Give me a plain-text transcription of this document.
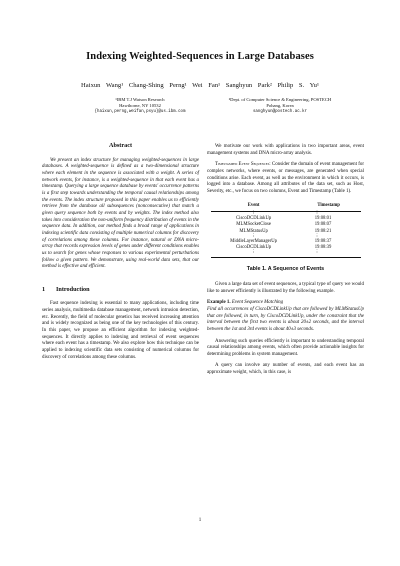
Indexing Weighted-Sequences in Large Databases
Haixun Wang¹ Chang-Shing Perng¹ Wei Fan¹ Sanghyun Park² Philip S. Yu¹
¹IBM T.J Watson Research
Hawthorne, NY 10532
{haixun,perng,weifan,psyu}@us.ibm.com
²Dept. of Computer Science & Engineering, POSTECH
Pohang, Korea
sanghyun@postech.ac.kr
Abstract

We present an index structure for managing weighted-sequences in large databases. A weighted-sequence is defined as a two-dimensional structure where each element in the sequence is associated with a weight. A series of network events, for instance, is a weighted-sequence in that each event has a timestamp. Querying a large sequence database by events' occurrence patterns is a first step towards understanding the temporal causal relationships among the events. The index structure proposed in this paper enables us to efficiently retrieve from the database all subsequences (nonconsecutive) that match a given query sequence both by events and by weights. The index method also takes into consideration the non-uniform frequency distribution of events in the sequence data. In addition, our method finds a broad range of applications in indexing scientific data consisting of multiple numerical columns for discovery of correlations among these columns. For instance, natural or DNA micro-array that records expression levels of genes under different conditions enables us to search for genes whose responses to various experimental perturbations follow a given pattern. We demonstrate, using real-world data sets, that our method is effective and efficient.

1 Introduction

Fast sequence indexing is essential to many applications, including time series analysis, multimedia database management, network intrusion detection, etc. Recently, the field of molecular genetics has received increasing attention and is widely recognized as being one of the key technologies of this century. In this paper, we propose an efficient algorithm for indexing weighted-sequences. It directly applies to indexing and retrieval of event sequences where each event has a timestamp. We also explore how this technique can be applied to indexing scientific data sets consisting of numerical columns for discovery of correlations among these columns.

We motivate our work with applications in two important areas, event management systems and DNA micro-array analysis.

Timestamped Event Sequences: Consider the domain of event management for complex networks, where events, or messages, are generated when special conditions arise. Each event, as well as the environment in which it occurs, is logged into a database. Among all attributes of the data set, such as Host, Severity, etc., we focus on two columns, Event and Timestamp (Table 1).

Event	Timestamp
⋮	⋮
CiscoDCDLinkUp	19:08:01
MLMSocketClose	19:08:07
MLMStatusUp	19:08:21
⋮	⋮
MiddleLayerManagerUp	19:08:37
CiscoDCDLinkUp	19:08:39
⋮	⋮
Table 1. A Sequence of Events

Given a large data set of event sequences, a typical type of query we would like to answer efficiently is illustrated by the following example.

Example 1. Event Sequence Matching
Find all occurrences of CiscoDCDLinkUp that are followed by MLMStatusUp that are followed, in turn, by CiscoDCDLinkUp, under the constraint that the interval between the first two events is about 20±2 seconds, and the interval between the 1st and 3rd events is about 40±3 seconds.

Answering such queries efficiently is important to understanding temporal causal relationships among events, which often provide actionable insights for determining problems in system management.

A query can involve any number of events, and each event has an approximate weight, which, in this case, is

1
